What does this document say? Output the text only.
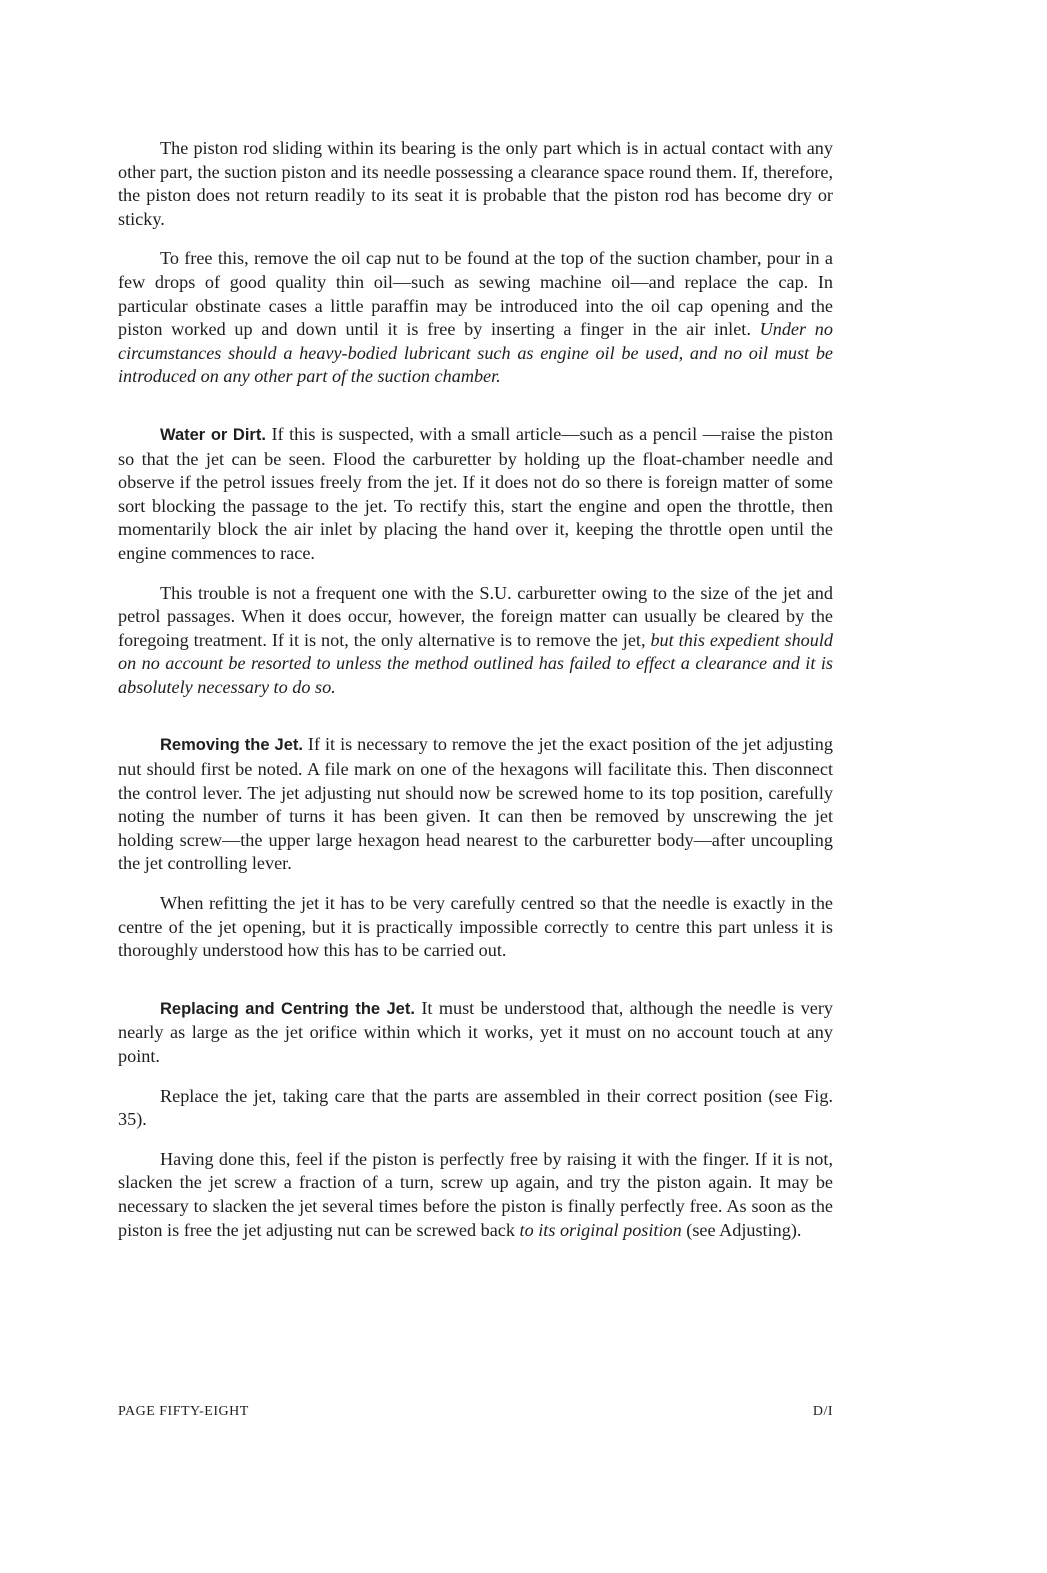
The piston rod sliding within its bearing is the only part which is in actual contact with any other part, the suction piston and its needle possessing a clearance space round them. If, therefore, the piston does not return readily to its seat it is probable that the piston rod has become dry or sticky.

To free this, remove the oil cap nut to be found at the top of the suction chamber, pour in a few drops of good quality thin oil—such as sewing machine oil—and replace the cap. In particular obstinate cases a little paraffin may be introduced into the oil cap opening and the piston worked up and down until it is free by inserting a finger in the air inlet. Under no circumstances should a heavy-bodied lubricant such as engine oil be used, and no oil must be introduced on any other part of the suction chamber.

Water or Dirt. If this is suspected, with a small article—such as a pencil —raise the piston so that the jet can be seen. Flood the carburetter by holding up the float-chamber needle and observe if the petrol issues freely from the jet. If it does not do so there is foreign matter of some sort blocking the passage to the jet. To rectify this, start the engine and open the throttle, then momentarily block the air inlet by placing the hand over it, keeping the throttle open until the engine commences to race.

This trouble is not a frequent one with the S.U. carburetter owing to the size of the jet and petrol passages. When it does occur, however, the foreign matter can usually be cleared by the foregoing treatment. If it is not, the only alternative is to remove the jet, but this expedient should on no account be resorted to unless the method outlined has failed to effect a clearance and it is absolutely necessary to do so.

Removing the Jet. If it is necessary to remove the jet the exact position of the jet adjusting nut should first be noted. A file mark on one of the hexagons will facilitate this. Then disconnect the control lever. The jet adjusting nut should now be screwed home to its top position, carefully noting the number of turns it has been given. It can then be removed by unscrewing the jet holding screw—the upper large hexagon head nearest to the carburetter body—after uncoupling the jet controlling lever.

When refitting the jet it has to be very carefully centred so that the needle is exactly in the centre of the jet opening, but it is practically impossible correctly to centre this part unless it is thoroughly understood how this has to be carried out.

Replacing and Centring the Jet. It must be understood that, although the needle is very nearly as large as the jet orifice within which it works, yet it must on no account touch at any point.

Replace the jet, taking care that the parts are assembled in their correct position (see Fig. 35).

Having done this, feel if the piston is perfectly free by raising it with the finger. If it is not, slacken the jet screw a fraction of a turn, screw up again, and try the piston again. It may be necessary to slacken the jet several times before the piston is finally perfectly free. As soon as the piston is free the jet adjusting nut can be screwed back to its original position (see Adjusting).

PAGE FIFTY-EIGHT	D/I
